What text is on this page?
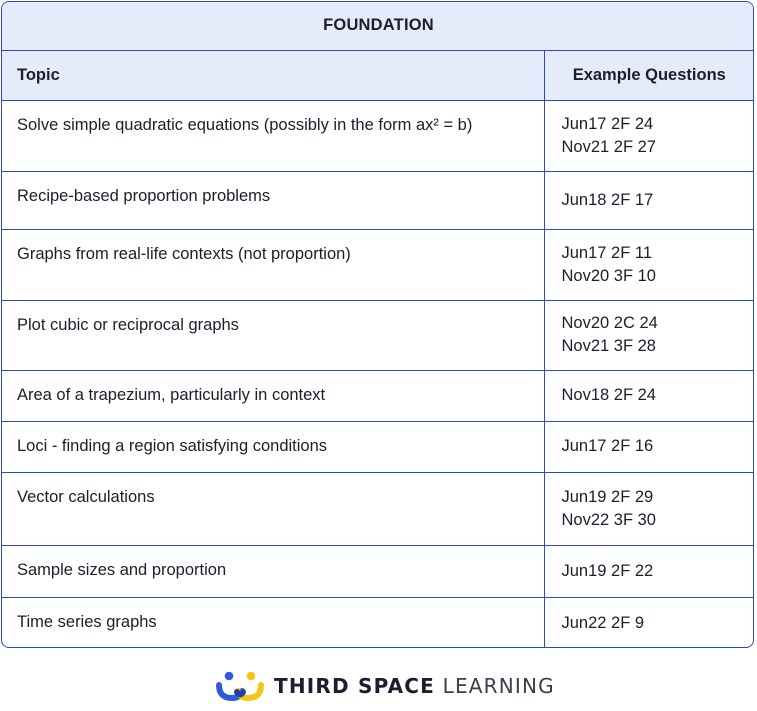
FOUNDATION	
Topic	Example Questions
Solve simple quadratic equations (possibly in the form ax² = b)	Jun17 2F 24
Nov21 2F 27

Recipe-based proportion problems	Jun18 2F 17

Graphs from real-life contexts (not proportion)	Jun17 2F 11
Nov20 3F 10

Plot cubic or reciprocal graphs	Nov20 2C 24
Nov21 3F 28

Area of a trapezium, particularly in context	Nov18 2F 24

Loci - finding a region satisfying conditions	Jun17 2F 16

Vector calculations	Jun19 2F 29
Nov22 3F 30

Sample sizes and proportion	Jun19 2F 22

Time series graphs	Jun22 2F 9
THIRD SPACE LEARNING
